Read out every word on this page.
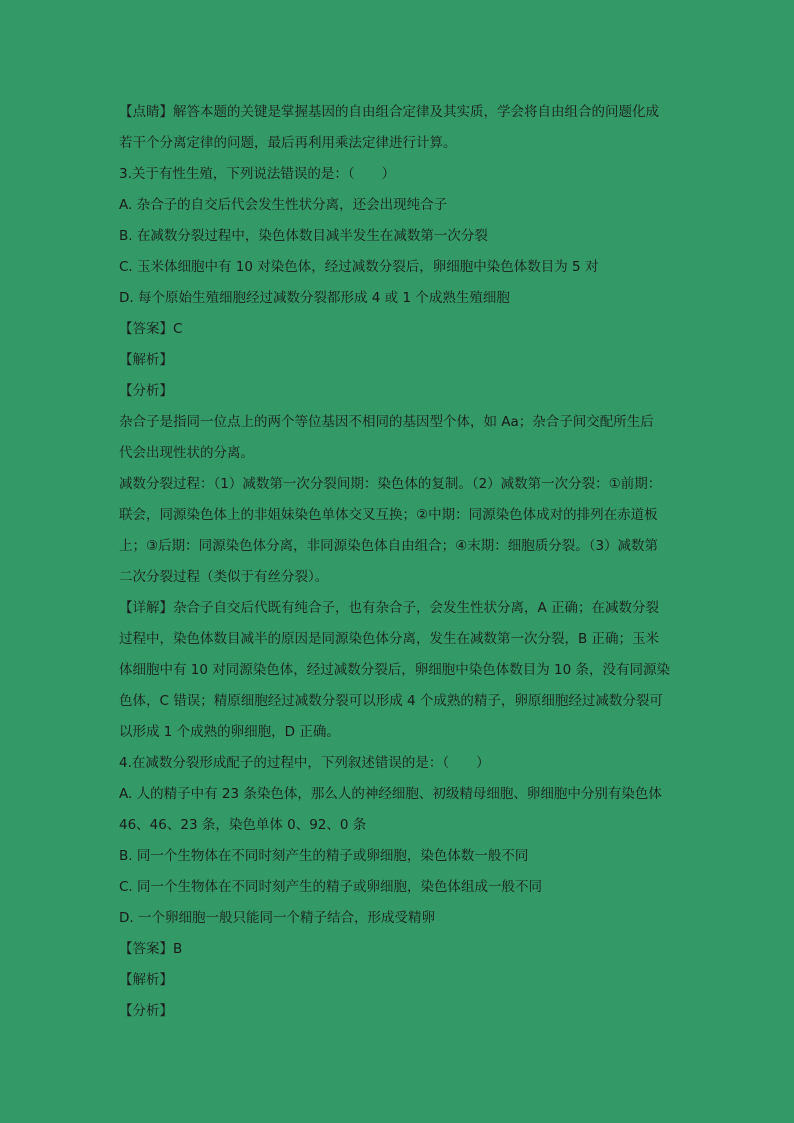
【点睛】解答本题的关键是掌握基因的自由组合定律及其实质，学会将自由组合的问题化成
若干个分离定律的问题，最后再利用乘法定律进行计算。
3.关于有性生殖，下列说法错误的是：（　　）
A. 杂合子的自交后代会发生性状分离，还会出现纯合子
B. 在减数分裂过程中，染色体数目减半发生在减数第一次分裂
C. 玉米体细胞中有 10 对染色体，经过减数分裂后，卵细胞中染色体数目为 5 对
D. 每个原始生殖细胞经过减数分裂都形成 4 或 1 个成熟生殖细胞
【答案】C
【解析】
【分析】
杂合子是指同一位点上的两个等位基因不相同的基因型个体，如 Aa；杂合子间交配所生后
代会出现性状的分离。
减数分裂过程：（1）减数第一次分裂间期：染色体的复制。（2）减数第一次分裂：①前期：
联会，同源染色体上的非姐妹染色单体交叉互换；②中期：同源染色体成对的排列在赤道板
上；③后期：同源染色体分离，非同源染色体自由组合；④末期：细胞质分裂。（3）减数第
二次分裂过程（类似于有丝分裂）。
【详解】杂合子自交后代既有纯合子，也有杂合子，会发生性状分离，A 正确；在减数分裂
过程中，染色体数目减半的原因是同源染色体分离，发生在减数第一次分裂，B 正确；玉米
体细胞中有 10 对同源染色体，经过减数分裂后，卵细胞中染色体数目为 10 条，没有同源染
色体，C 错误；精原细胞经过减数分裂可以形成 4 个成熟的精子，卵原细胞经过减数分裂可
以形成 1 个成熟的卵细胞，D 正确。
4.在减数分裂形成配子的过程中，下列叙述错误的是：（　　）
A. 人的精子中有 23 条染色体，那么人的神经细胞、初级精母细胞、卵细胞中分别有染色体
46、46、23 条，染色单体 0、92、0 条
B. 同一个生物体在不同时刻产生的精子或卵细胞，染色体数一般不同
C. 同一个生物体在不同时刻产生的精子或卵细胞，染色体组成一般不同
D. 一个卵细胞一般只能同一个精子结合，形成受精卵
【答案】B
【解析】
【分析】
